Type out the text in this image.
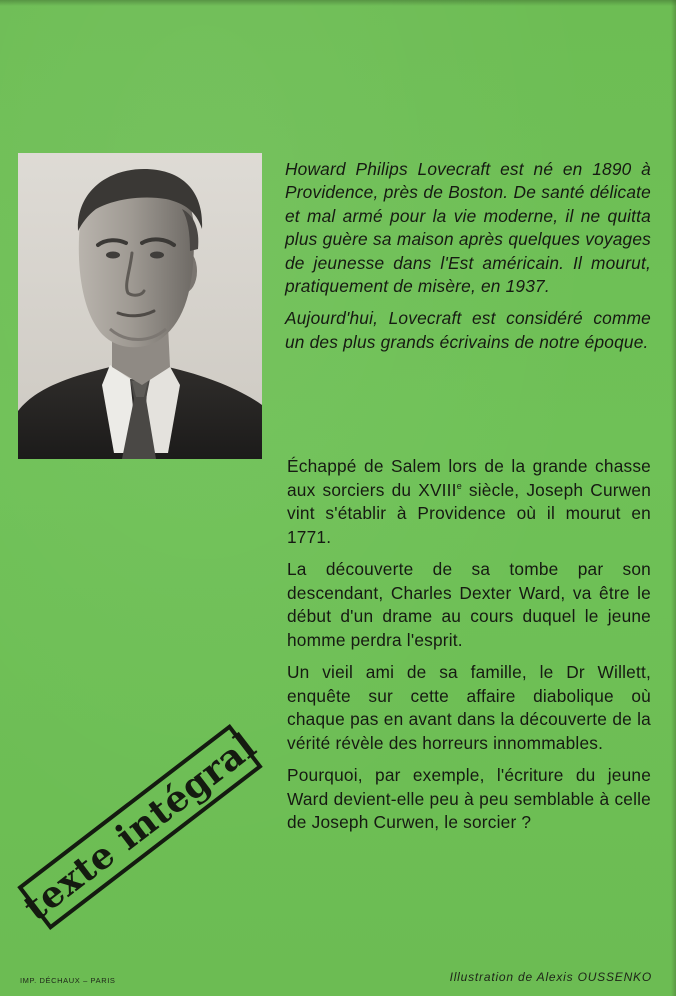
Howard Philips Lovecraft est né en 1890 à Providence, près de Boston. De santé délicate et mal armé pour la vie moderne, il ne quitta plus guère sa maison après quelques voyages de jeunesse dans l'Est américain. Il mourut, pratiquement de misère, en 1937.

Aujourd'hui, Lovecraft est considéré comme un des plus grands écrivains de notre époque.

Échappé de Salem lors de la grande chasse aux sorciers du XVIIIe siècle, Joseph Curwen vint s'établir à Providence où il mourut en 1771.

La découverte de sa tombe par son descendant, Charles Dexter Ward, va être le début d'un drame au cours duquel le jeune homme perdra l'esprit.

Un vieil ami de sa famille, le Dr Willett, enquête sur cette affaire diabolique où chaque pas en avant dans la découverte de la vérité révèle des horreurs innommables.

Pourquoi, par exemple, l'écriture du jeune Ward devient-elle peu à peu semblable à celle de Joseph Curwen, le sorcier ?

texte intégral
IMP. DÉCHAUX – PARIS	Illustration de Alexis OUSSENKO
